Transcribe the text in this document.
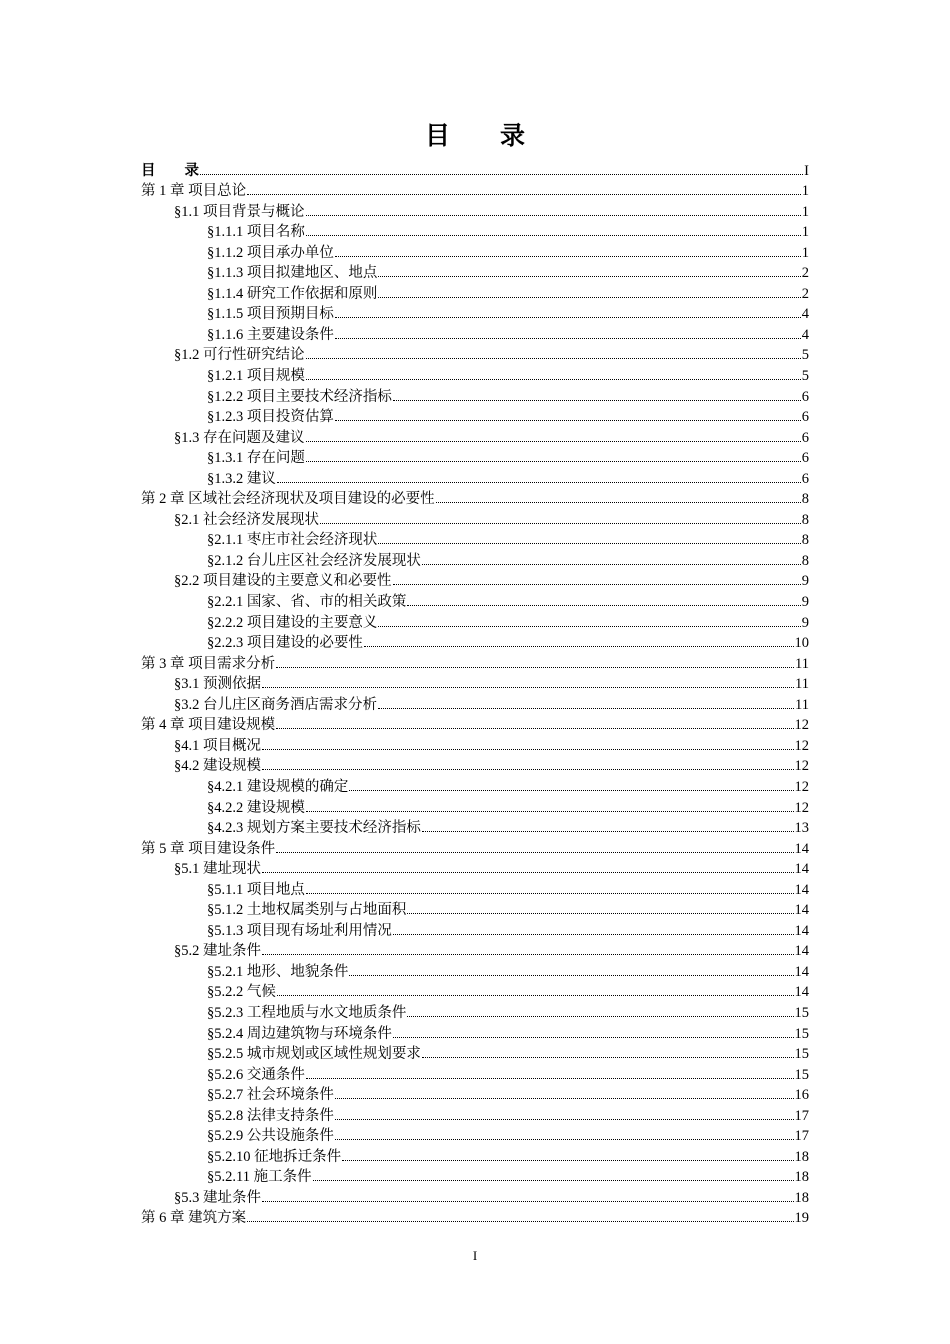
目　　录
目　　录	I
第 1 章 项目总论	1
§1.1 项目背景与概论	1
§1.1.1 项目名称	1
§1.1.2 项目承办单位	1
§1.1.3 项目拟建地区、地点	2
§1.1.4 研究工作依据和原则	2
§1.1.5 项目预期目标	4
§1.1.6 主要建设条件	4
§1.2 可行性研究结论	5
§1.2.1 项目规模	5
§1.2.2 项目主要技术经济指标	6
§1.2.3 项目投资估算	6
§1.3 存在问题及建议	6
§1.3.1 存在问题	6
§1.3.2 建议	6
第 2 章 区域社会经济现状及项目建设的必要性	8
§2.1 社会经济发展现状	8
§2.1.1 枣庄市社会经济现状	8
§2.1.2 台儿庄区社会经济发展现状	8
§2.2 项目建设的主要意义和必要性	9
§2.2.1 国家、省、市的相关政策	9
§2.2.2 项目建设的主要意义	9
§2.2.3 项目建设的必要性	10
第 3 章 项目需求分析	11
§3.1 预测依据	11
§3.2 台儿庄区商务酒店需求分析	11
第 4 章 项目建设规模	12
§4.1 项目概况	12
§4.2 建设规模	12
§4.2.1 建设规模的确定	12
§4.2.2 建设规模	12
§4.2.3 规划方案主要技术经济指标	13
第 5 章 项目建设条件	14
§5.1 建址现状	14
§5.1.1 项目地点	14
§5.1.2 土地权属类别与占地面积	14
§5.1.3 项目现有场址利用情况	14
§5.2 建址条件	14
§5.2.1 地形、地貌条件	14
§5.2.2 气候	14
§5.2.3 工程地质与水文地质条件	15
§5.2.4 周边建筑物与环境条件	15
§5.2.5 城市规划或区域性规划要求	15
§5.2.6 交通条件	15
§5.2.7 社会环境条件	16
§5.2.8 法律支持条件	17
§5.2.9 公共设施条件	17
§5.2.10 征地拆迁条件	18
§5.2.11 施工条件	18
§5.3 建址条件	18
第 6 章 建筑方案	19
I
